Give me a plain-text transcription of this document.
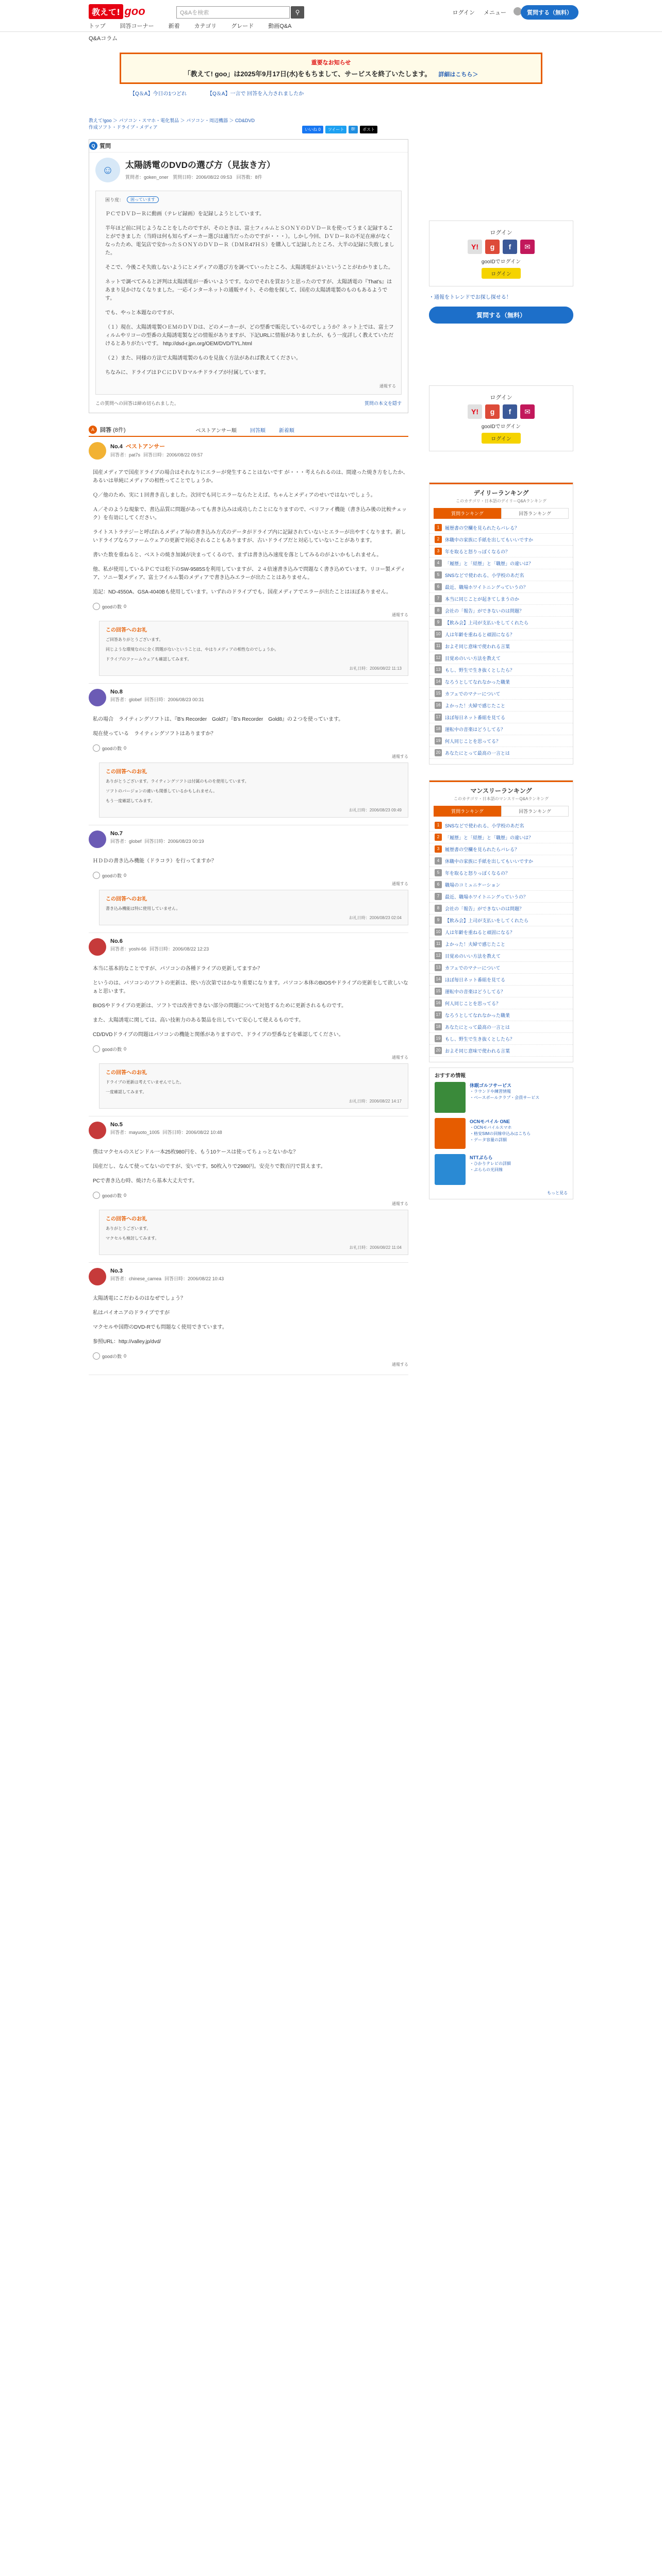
教えて! goo	Q&Aを検索	⚲	ログイン メニュー	質問する（無料）
トップ	回答コーナー	新着	カテゴリ	グレード	動画Q&A
Q&Aコラム
重要なお知らせ
「教えて! goo」は2025年9月17日(水)をもちまして、サービスを終了いたします。 詳細はこちら＞
【Q＆A】今日の1つどれ	【Q＆A】一言で 回答を入力されましたか
教えて!goo ＞ パソコン・スマホ・電化製品 ＞ パソコン・周辺機器 ＞ CD&DVD 作成ソフト・ドライブ・メディア	いいね 0	ツイート	B!	ポスト
Q 質問
☺	太陽誘電のDVDの選び方（見抜き方）
質問者：goken_oner 質問日時：2006/08/22 09:53 回答数：8件
困り度：	困っています

ＰＣでＤＶＤーＲに動画（テレビ録画）を記録しようとしています。

半年ほど前に同じようなことをしたのですが、そのときは、富士フィルムとＳＯＮＹのＤＶＤーＲを使ってうまく記録することができました（当時は何も知らずメーカー選びは適当だったのですが・・・）。しかし今回、ＤＶＤーＲの不足在庫がなくなったため、電気店で安かったＳＯＮＹのＤＶＤーＲ（ＤＭＲ47ＨＳ）を購入して記録したところ、大半の記録に失敗しました。

そこで、今後こそ失敗しないようにとメディアの選び方を調べていったところ、太陽誘電がよいということがわかりました。

ネットで調べてみると評判は太陽誘電が一番いいようです。なのでそれを買おうと思ったのですが、太陽誘電の『That's』はあまり見かけなくなりました。一応インターネットの通販サイト、その他を探して、国産の太陽誘電製のものもあるようです。

でも、やっと本題なのですが、

（１）現在、太陽誘電製ＯＥＭのＤＶＤは、どのメーカーが、どの型番で販売しているのでしょうか？ネット上では、富士フィルムやリコーの型番の太陽誘電製などの情報がありますが、下記URLに情報がありましたが、もう一度詳しく教えていただけるとありがたいです。 http://dsd-r.jpn.org/OEM/DVD/TYL.html

（２）また、同様の方法で太陽誘電製のものを見抜く方法があれば教えてください。

ちなみに、ドライブはＰＣにＤＶＤマルチドライブが付属しています。

通報する
この質問への回答は締め切られました。	質問の本文を隠す
A	回答 (8件)	ベストアンサー順	回答順	新着順
No.4 ベストアンサー
回答者：pat7s 回答日時：2006/08/22 09:57

国産メディアで国産ドライブの場合はそれなりにエラーが発生することはないです が・・・考えられるのは、間違った焼き方をしたか、あるいは単純にメディアの相性ってことでしょうか。

Ｑ／他のため、実に１回書き直しました。次回でも同じエラーならたとえば、ちゃんとメディアのせいではないでしょう。

Ａ／そのような現象で、書込品質に問題があっても書き込みは成功したことになりますので、ベリファイ機能（書き込み後の比較チェック）を有効にしてください。

ライトストラテジーと呼ばれるメディア毎の書き込み方式のデータがドライブ内に記録されていないとエラーが出やすくなります。新しいドライブならファームウェアの更新で対応されることもありますが、古いドライブだと対応していないことがあります。

書いた数を重ねると、ベストの焼き加減が決まってくるので、まずは書き込み速度を落としてみるのがよいかもしれません。

他、私が使用しているＰＣでは松下のSW-9585Sを利用していますが、２４倍速書き込みで問題なく書き込めています。リコー製メディア、ソニー製メディア、富士フイルム製のメディアで書き込みエラーが出たことはありません。

追記：ND-4550A、GSA-4040Bも使用しています。いずれのドライブでも、国産メディアでエラーが出たことはほぼありません。

goodの数 0
通報する
この回答へのお礼

ご回答ありがとうございます。

同じような環境なのに全く問題がないということは、やはりメディアの相性なのでしょうか。

ドライブのファームウェアも確認してみます。

お礼日時：2006/08/22 11:13
No.8
回答者：globef 回答日時：2006/08/23 00:31

私の場合　ライティングソフトは、『B's Recorder　Gold7』『B's Recorder　Gold8』の２つを使っています。

現在使っている　ライティングソフトはありますか？

goodの数 0
通報する
この回答へのお礼

ありがとうございます。ライティングソフトは付属のものを使用しています。

ソフトのバージョンの違いも関係しているかもしれません。

もう一度確認してみます。

お礼日時：2006/08/23 09:49
No.7
回答者：globef 回答日時：2006/08/23 00:19

ＨＤＤの書き込み機能（ドラコラ）を行ってますか？

goodの数 0
通報する
この回答へのお礼

書き込み機能は特に使用していません。

お礼日時：2006/08/23 02:04
No.6
回答者：yoshi-66 回答日時：2006/08/22 12:23

本当に基本的なことですが、パソコンの各種ドライブの更新してますか？

というのは、パソコンのソフトの更新は、使い方次第ではかなり重要になります。パソコン本体のBIOSやドライブの更新をして欲しいなぁと思います。

BIOSやドライブの更新は、ソフトでは改善できない部分の問題について対処するために更新されるものです。

また、太陽誘電に関しては、高い技術力のある製品を出していて安心して使えるものです。

CD/DVDドライブの問題はパソコンの機能と関係がありますので、ドライブの型番などを確認してください。

goodの数 0
通報する
この回答へのお礼

ドライブの更新は考えていませんでした。

一度確認してみます。

お礼日時：2006/08/22 14:17
No.5
回答者：mayuoto_1005 回答日時：2006/08/22 10:48

僕はマクセルのスピンドル一本25枚980円を、もう10ケースは使ってちょっとないかな？

国産だし、なんて使ってないのですが、安いです。50枚入りで2980円。安売りで数百円で買えます。

PCで書き込む時、焼けたら基本大丈夫です。

goodの数 0
通報する
この回答へのお礼

ありがとうございます。

マクセルも検討してみます。

お礼日時：2006/08/22 11:04
No.3
回答者：chinese_camea 回答日時：2006/08/22 10:43

太陽誘電にこだわるのはなぜでしょう？

私はパイオニアのドライブですが

マクセルや国際のDVD-Rでも問題なく使用できています。

参照URL：http://valley.jp/dvd/

goodの数 0
通報する
ログイン
Y!	g	f	✉
gooIDでログイン
ログイン
・通報をトレンドでお探し探せる！
質問する（無料）
ログイン
Y!	g	f	✉
gooIDでログイン
ログイン
デイリーランキング
このカテゴリ・日本語のデイリーQ&Aランキング
質問ランキング	回答ランキング
1	履歴書の空欄を見られたらバレる？
2	休職中の家族に手紙を出してもいいですか
3	年を取ると怒りっぽくなるの？
4	「履歴」と「経歴」と「職歴」の違いは？
5	SNSなどで使われる、小学校のあだ名
6	最近、職場ホワイトニングっていうの？
7	本当に同じことが起きてしまうのか
8	会社の「報告」ができないのは問題？
9	【飲み会】上司が支払いをしてくれたら
10 人は年齢を重ねると頑固になる？
11 およそ同じ意味で使われる言葉
12 目覚めのいい方法を教えて
13 もし、野生で生き抜くとしたら？
14 なろうとしてなれなかった職業
15 カフェでのマナーについて
16 よかった！夫婦で感じたこと
17 ほぼ毎日ネット番組を見てる
18 運転中の音楽はどうしてる？
19 何人同じことを思ってる？
20 あなたにとって最高の一言とは
マンスリーランキング
このカテゴリ・日本語のマンスリーQ&Aランキング
質問ランキング	回答ランキング
1	SNSなどで使われる、小学校のあだ名
2	「履歴」と「経歴」と「職歴」の違いは？
3	履歴書の空欄を見られたらバレる？
4	休職中の家族に手紙を出してもいいですか
5	年を取ると怒りっぽくなるの？
6	職場のコミュニケーション
7	最近、職場ホワイトニングっていうの？
8	会社の「報告」ができないのは問題？
9	【飲み会】上司が支払いをしてくれたら
10 人は年齢を重ねると頑固になる？
11 よかった！夫婦で感じたこと
12 目覚めのいい方法を教えて
13 カフェでのマナーについて
14 ほぼ毎日ネット番組を見てる
15 運転中の音楽はどうしてる？
16 何人同じことを思ってる？
17 なろうとしてなれなかった職業
18 あなたにとって最高の一言とは
19 もし、野生で生き抜くとしたら？
20 およそ同じ意味で使われる言葉
おすすめ情報
休眠ゴルフサービス
・ラウンドや練習情報
・ベースボールクラブ・会員サービス
OCNモバイル ONE
・OCNモバイルスマホ
・格安SIMの回線申込みはこちら
・データ容量の詳細
NTTぷらら
・ひかりテレビの詳細
・ぷららの光回線
もっと見る
